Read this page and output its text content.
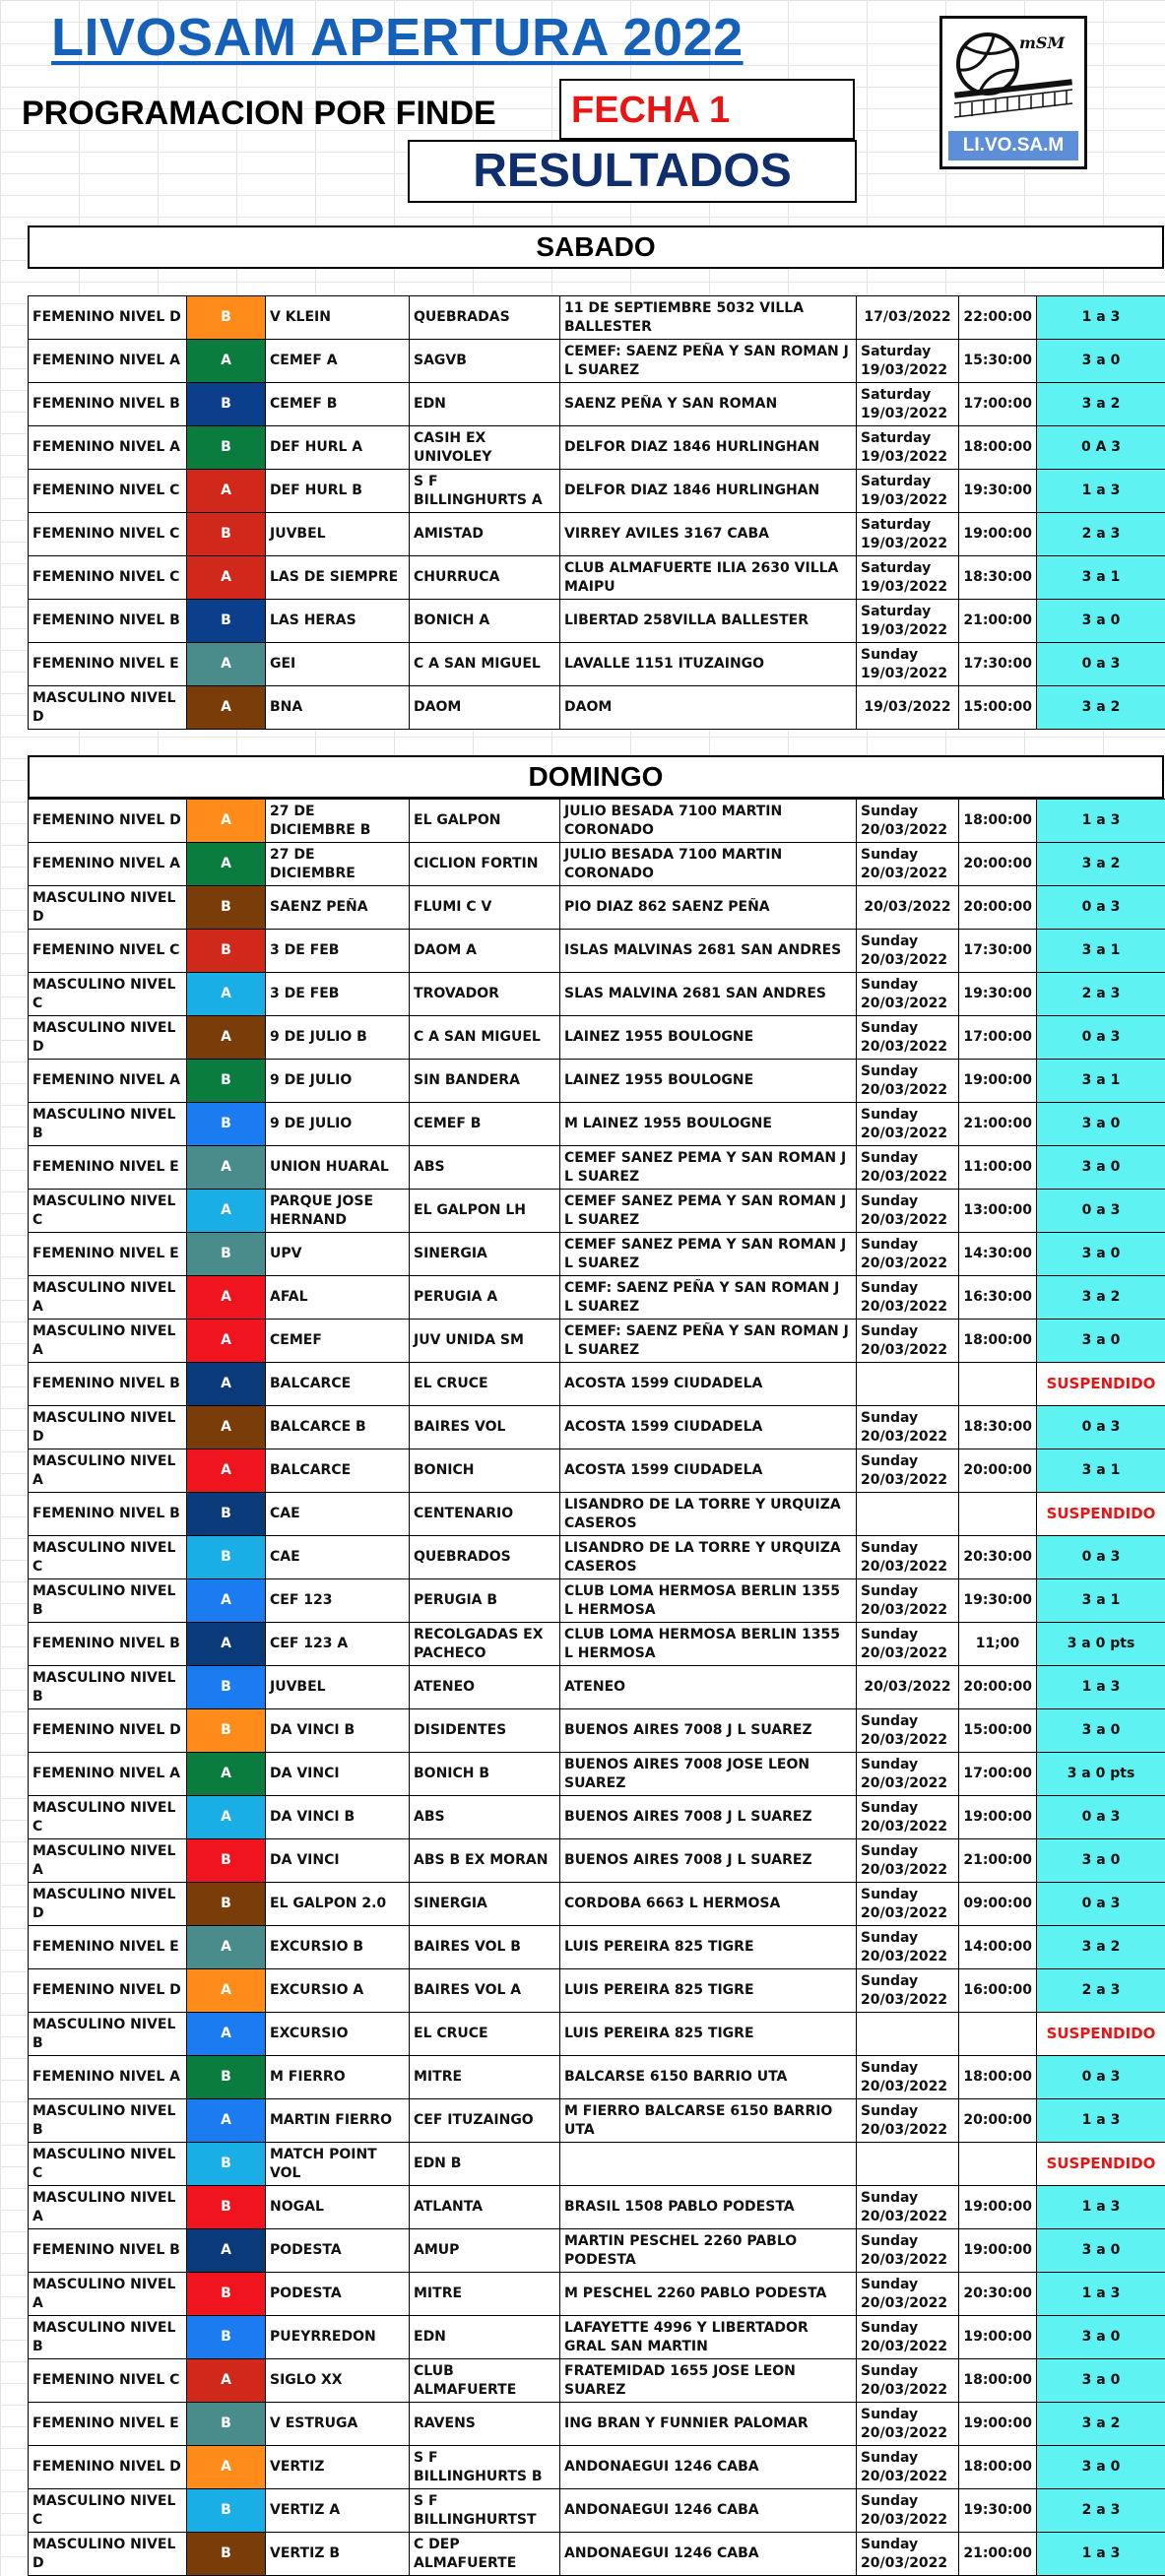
LIVOSAM APERTURA 2022
PROGRAMACION POR FINDE FECHA 1
RESULTADOS
mSM
LI.VO.SA.M
SABADO
FEMENINO NIVEL D	B	V KLEIN	QUEBRADAS	11 DE SEPTIEMBRE 5032 VILLA BALLESTER	17/03/2022	22:00:00	1 a 3
FEMENINO NIVEL A	A	CEMEF A	SAGVB	CEMEF: SAENZ PEÑA Y SAN ROMAN J L SUAREZ	Saturday 19/03/2022	15:30:00	3 a 0
FEMENINO NIVEL B	B	CEMEF B	EDN	SAENZ PEÑA Y SAN ROMAN	Saturday 19/03/2022	17:00:00	3 a 2
FEMENINO NIVEL A	B	DEF HURL A	CASIH EX UNIVOLEY	DELFOR DIAZ 1846 HURLINGHAN	Saturday 19/03/2022	18:00:00	0 A 3
FEMENINO NIVEL C	A	DEF HURL B	S F BILLINGHURTS A	DELFOR DIAZ 1846 HURLINGHAN	Saturday 19/03/2022	19:30:00	1 a 3
FEMENINO NIVEL C	B	JUVBEL	AMISTAD	VIRREY AVILES 3167 CABA	Saturday 19/03/2022	19:00:00	2 a 3
FEMENINO NIVEL C	A	LAS DE SIEMPRE	CHURRUCA	CLUB ALMAFUERTE ILIA 2630 VILLA MAIPU	Saturday 19/03/2022	18:30:00	3 a 1
FEMENINO NIVEL B	B	LAS HERAS	BONICH A	LIBERTAD 258VILLA BALLESTER	Saturday 19/03/2022	21:00:00	3 a 0
FEMENINO NIVEL E	A	GEI	C A SAN MIGUEL	LAVALLE 1151 ITUZAINGO	Sunday 19/03/2022	17:30:00	0 a 3
MASCULINO NIVEL D	A	BNA	DAOM	DAOM	19/03/2022	15:00:00	3 a 2
DOMINGO
FEMENINO NIVEL D	A	27 DE DICIEMBRE B	EL GALPON	JULIO BESADA 7100 MARTIN CORONADO	Sunday 20/03/2022	18:00:00	1 a 3
FEMENINO NIVEL A	A	27 DE DICIEMBRE	CICLION FORTIN	JULIO BESADA 7100 MARTIN CORONADO	Sunday 20/03/2022	20:00:00	3 a 2
MASCULINO NIVEL D	B	SAENZ PEÑA	FLUMI C V	PIO DIAZ 862 SAENZ PEÑA	20/03/2022	20:00:00	0 a 3
FEMENINO NIVEL C	B	3 DE FEB	DAOM A	ISLAS MALVINAS 2681 SAN ANDRES	Sunday 20/03/2022	17:30:00	3 a 1
MASCULINO NIVEL C	A	3 DE FEB	TROVADOR	SLAS MALVINA 2681 SAN ANDRES	Sunday 20/03/2022	19:30:00	2 a 3
MASCULINO NIVEL D	A	9 DE JULIO B	C A SAN MIGUEL	LAINEZ 1955 BOULOGNE	Sunday 20/03/2022	17:00:00	0 a 3
FEMENINO NIVEL A	B	9 DE JULIO	SIN BANDERA	LAINEZ 1955 BOULOGNE	Sunday 20/03/2022	19:00:00	3 a 1
MASCULINO NIVEL B	B	9 DE JULIO	CEMEF B	M LAINEZ 1955 BOULOGNE	Sunday 20/03/2022	21:00:00	3 a 0
FEMENINO NIVEL E	A	UNION HUARAL	ABS	CEMEF SANEZ PEMA Y SAN ROMAN J L SUAREZ	Sunday 20/03/2022	11:00:00	3 a 0
MASCULINO NIVEL C	A	PARQUE JOSE HERNAND	EL GALPON LH	CEMEF SANEZ PEMA Y SAN ROMAN J L SUAREZ	Sunday 20/03/2022	13:00:00	0 a 3
FEMENINO NIVEL E	B	UPV	SINERGIA	CEMEF SANEZ PEMA Y SAN ROMAN J L SUAREZ	Sunday 20/03/2022	14:30:00	3 a 0
MASCULINO NIVEL A	A	AFAL	PERUGIA A	CEMF: SAENZ PEÑA Y SAN ROMAN J L SUAREZ	Sunday 20/03/2022	16:30:00	3 a 2
MASCULINO NIVEL A	A	CEMEF	JUV UNIDA SM	CEMEF: SAENZ PEÑA Y SAN ROMAN J L SUAREZ	Sunday 20/03/2022	18:00:00	3 a 0
FEMENINO NIVEL B	A	BALCARCE	EL CRUCE	ACOSTA 1599 CIUDADELA			SUSPENDIDO
MASCULINO NIVEL D	A	BALCARCE B	BAIRES VOL	ACOSTA 1599 CIUDADELA	Sunday 20/03/2022	18:30:00	0 a 3
MASCULINO NIVEL A	A	BALCARCE	BONICH	ACOSTA 1599 CIUDADELA	Sunday 20/03/2022	20:00:00	3 a 1
FEMENINO NIVEL B	B	CAE	CENTENARIO	LISANDRO DE LA TORRE Y URQUIZA CASEROS			SUSPENDIDO
MASCULINO NIVEL C	B	CAE	QUEBRADOS	LISANDRO DE LA TORRE Y URQUIZA CASEROS	Sunday 20/03/2022	20:30:00	0 a 3
MASCULINO NIVEL B	A	CEF 123	PERUGIA B	CLUB LOMA HERMOSA BERLIN 1355 L HERMOSA	Sunday 20/03/2022	19:30:00	3 a 1
FEMENINO NIVEL B	A	CEF 123 A	RECOLGADAS EX PACHECO	CLUB LOMA HERMOSA BERLIN 1355 L HERMOSA	Sunday 20/03/2022	11;00	3 a 0 pts
MASCULINO NIVEL B	B	JUVBEL	ATENEO	ATENEO	20/03/2022	20:00:00	1 a 3
FEMENINO NIVEL D	B	DA VINCI B	DISIDENTES	BUENOS AIRES 7008 J L SUAREZ	Sunday 20/03/2022	15:00:00	3 a 0
FEMENINO NIVEL A	A	DA VINCI	BONICH B	BUENOS AIRES 7008 JOSE LEON SUAREZ	Sunday 20/03/2022	17:00:00	3 a 0 pts
MASCULINO NIVEL C	A	DA VINCI B	ABS	BUENOS AIRES 7008 J L SUAREZ	Sunday 20/03/2022	19:00:00	0 a 3
MASCULINO NIVEL A	B	DA VINCI	ABS B EX MORAN	BUENOS AIRES 7008 J L SUAREZ	Sunday 20/03/2022	21:00:00	3 a 0
MASCULINO NIVEL D	B	EL GALPON 2.0	SINERGIA	CORDOBA 6663 L HERMOSA	Sunday 20/03/2022	09:00:00	0 a 3
FEMENINO NIVEL E	A	EXCURSIO B	BAIRES VOL B	LUIS PEREIRA 825 TIGRE	Sunday 20/03/2022	14:00:00	3 a 2
FEMENINO NIVEL D	A	EXCURSIO A	BAIRES VOL A	LUIS PEREIRA 825 TIGRE	Sunday 20/03/2022	16:00:00	2 a 3
MASCULINO NIVEL B	A	EXCURSIO	EL CRUCE	LUIS PEREIRA 825 TIGRE			SUSPENDIDO
FEMENINO NIVEL A	B	M FIERRO	MITRE	BALCARSE 6150 BARRIO UTA	Sunday 20/03/2022	18:00:00	0 a 3
MASCULINO NIVEL B	A	MARTIN FIERRO	CEF ITUZAINGO	M FIERRO BALCARSE 6150 BARRIO UTA	Sunday 20/03/2022	20:00:00	1 a 3
MASCULINO NIVEL C	B	MATCH POINT VOL	EDN B				SUSPENDIDO
MASCULINO NIVEL A	B	NOGAL	ATLANTA	BRASIL 1508 PABLO PODESTA	Sunday 20/03/2022	19:00:00	1 a 3
FEMENINO NIVEL B	A	PODESTA	AMUP	MARTIN PESCHEL 2260 PABLO PODESTA	Sunday 20/03/2022	19:00:00	3 a 0
MASCULINO NIVEL A	B	PODESTA	MITRE	M PESCHEL 2260 PABLO PODESTA	Sunday 20/03/2022	20:30:00	1 a 3
MASCULINO NIVEL B	B	PUEYRREDON	EDN	LAFAYETTE 4996 Y LIBERTADOR GRAL SAN MARTIN	Sunday 20/03/2022	19:00:00	3 a 0
FEMENINO NIVEL C	A	SIGLO XX	CLUB ALMAFUERTE	FRATEMIDAD 1655 JOSE LEON SUAREZ	Sunday 20/03/2022	18:00:00	3 a 0
FEMENINO NIVEL E	B	V ESTRUGA	RAVENS	ING BRAN Y FUNNIER PALOMAR	Sunday 20/03/2022	19:00:00	3 a 2
FEMENINO NIVEL D	A	VERTIZ	S F BILLINGHURTS B	ANDONAEGUI 1246 CABA	Sunday 20/03/2022	18:00:00	3 a 0
MASCULINO NIVEL C	B	VERTIZ A	S F BILLINGHURTST	ANDONAEGUI 1246 CABA	Sunday 20/03/2022	19:30:00	2 a 3
MASCULINO NIVEL D	B	VERTIZ B	C DEP ALMAFUERTE	ANDONAEGUI 1246 CABA	Sunday 20/03/2022	21:00:00	1 a 3
